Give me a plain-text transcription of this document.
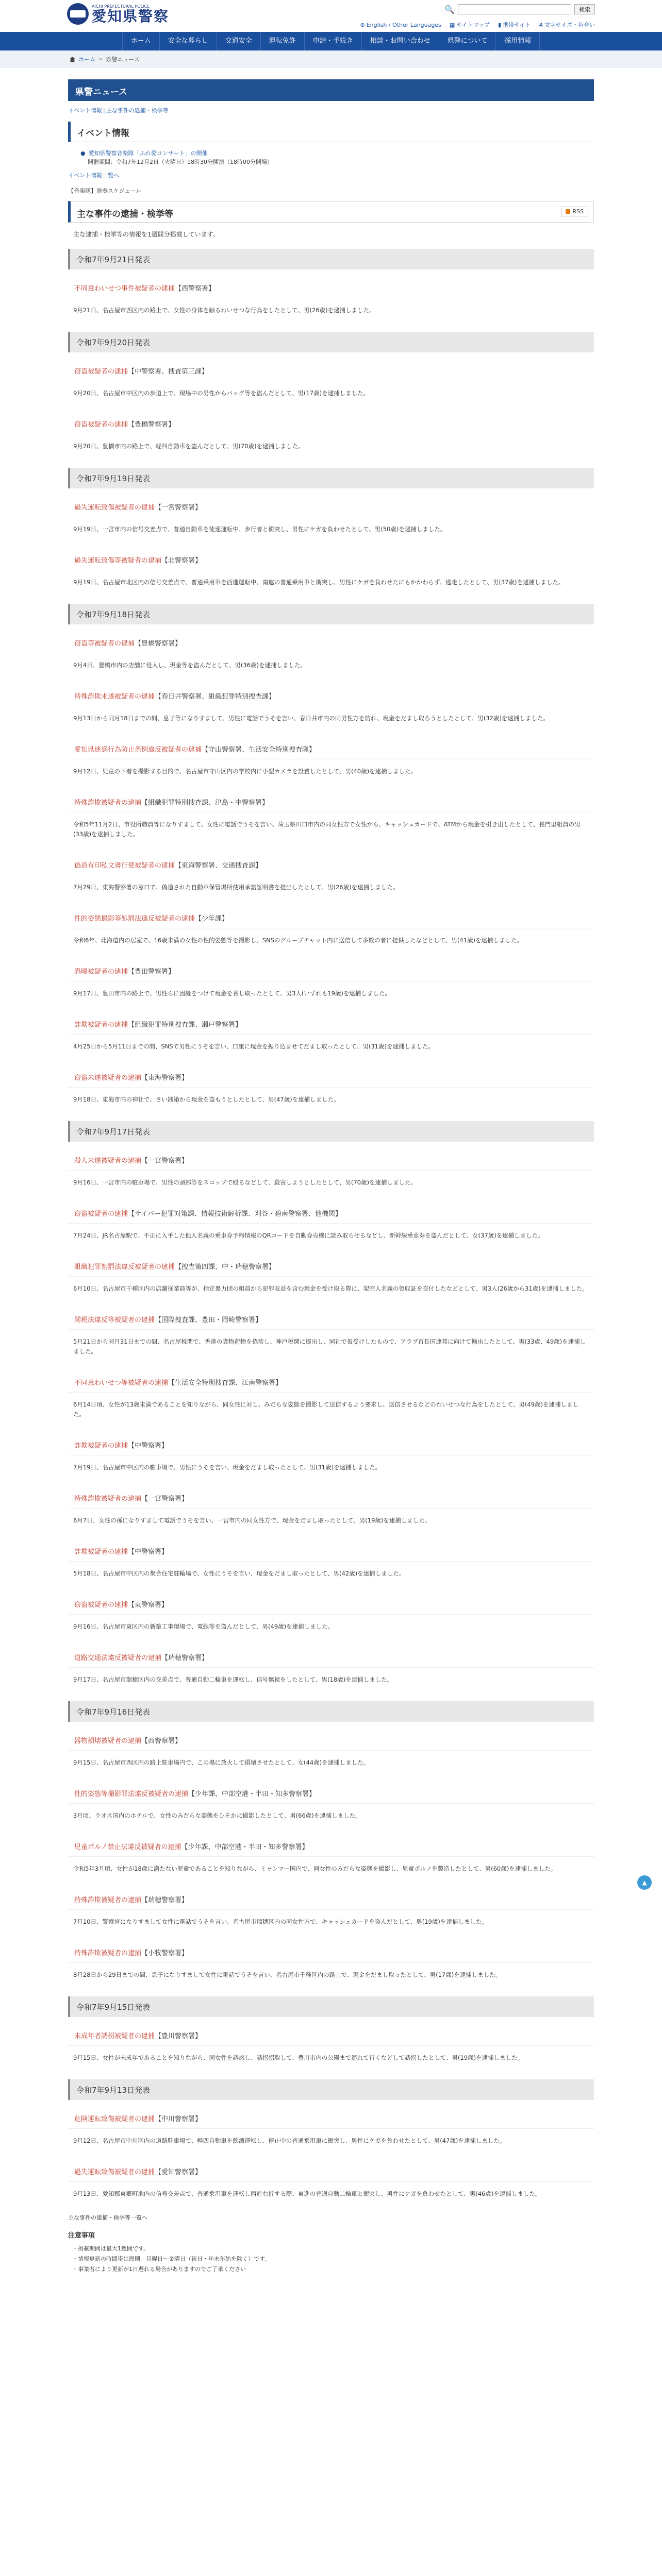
AICHI PREFECTURAL POLICE
愛知県警察	🔍	検索
⊕ English / Other Languages ▦ サイトマップ ▮ 携帯サイト A 文字サイズ・色合い
ホーム	安全な暮らし	交通安全	運転免許	申請・手続き	相談・お問い合わせ	県警について	採用情報
ホーム > 県警ニュース
県警ニュース
イベント情報 | 主な事件の逮捕・検挙等
イベント情報
● 愛知県警察音楽隊「ふれ愛コンサート」の開催
開催期間：令和7年12月2日（火曜日）18時30分開演（18時00分開場）
イベント情報一覧へ
【音楽隊】演奏スケジュール
主な事件の逮捕・検挙等	RSS

主な逮捕・検挙等の情報を1週間分掲載しています。

令和7年9月21日発表
不同意わいせつ事件被疑者の逮捕【西警察署】
9月21日、名古屋市西区内の路上で、女性の身体を触るわいせつな行為をしたとして、男(26歳)を逮捕しました。
令和7年9月20日発表
窃盗被疑者の逮捕【中警察署、捜査第三課】
9月20日、名古屋市中区内の歩道上で、現場中の男性からバッグ等を盗んだとして、男(17歳)を逮捕しました。
窃盗被疑者の逮捕【豊橋警察署】
9月20日、豊橋市内の路上で、軽四自動車を盗んだとして、男(70歳)を逮捕しました。
令和7年9月19日発表
過失運転致傷被疑者の逮捕【一宮警察署】
9月19日、一宮市内の信号交差点で、普通自動車を徒速運転中、歩行者と衝突し、男性にケガを負わせたとして、男(50歳)を逮捕しました。
過失運転致傷等被疑者の逮捕【北警察署】
9月19日、名古屋市北区内の信号交差点で、普通乗用車を西進運転中、南進の普通乗用車と衝突し、男性にケガを負わせたにもかかわらず、逃走したとして、男(37歳)を逮捕しました。
令和7年9月18日発表
窃盗等被疑者の逮捕【豊橋警察署】
9月4日、豊橋市内の店舗に侵入し、現金等を盗んだとして、男(36歳)を逮捕しました。
特殊詐欺未遂被疑者の逮捕【春日井警察署、組織犯罪特別捜査課】
9月13日から同月18日までの間、息子等になりすまして、男性に電話でうそを言い、春日井市内の同男性方を訪れ、現金をだまし取ろうとしたとして、男(32歳)を逮捕しました。
愛知県迷惑行為防止条例違反被疑者の逮捕【守山警察署、生活安全特別捜査隊】
9月12日、児童の下着を撮影する目的で、名古屋市守山区内の学校内に小型カメラを設置したとして、男(40歳)を逮捕しました。
特殊詐欺被疑者の逮捕【組織犯罪特別捜査課、津島・中警察署】
令和5年11月2日、市役所職員等になりすまして、女性に電話でうそを言い、埼玉県川口市内の同女性方で女性から、キャッシュカードで、ATMから現金を引き出したとして、長門里組員の男(33歳)を逮捕しました。
偽造有印私文書行使被疑者の逮捕【東海警察署、交通捜査課】
7月29日、東海警察署の窓口で、偽造された自動車保管場所使用承諾証明書を提出したとして、男(26歳)を逮捕しました。
性的姿態撮影等処罰法違反被疑者の逮捕【少年課】
令和6年、北海道内の居室で、16歳未満の女性の性的姿態等を撮影し、SNSのグループチャット内に送信して多数の者に提供したなどとして、男(41歳)を逮捕しました。
恐喝被疑者の逮捕【豊田警察署】
9月17日、豊田市内の路上で、男性らに因縁をつけて現金を脅し取ったとして、男3人(いずれも19歳)を逮捕しました。
詐欺被疑者の逮捕【組織犯罪特別捜査課、瀬戸警察署】
4月25日から5月11日までの間、SNSで男性にうそを言い、口座に現金を振り込ませてだまし取ったとして、男(31歳)を逮捕しました。
窃盗未遂被疑者の逮捕【東海警察署】
9月18日、東海市内の神社で、さい銭箱から現金を盗もうとしたとして、男(47歳)を逮捕しました。
令和7年9月17日発表
殺人未遂被疑者の逮捕【一宮警察署】
9月16日、一宮市内の駐車場で、男性の頭部等をスコップで殴るなどして、殺害しようとしたとして、男(70歳)を逮捕しました。
窃盗被疑者の逮捕【サイバー犯罪対策課、情報技術解析課、刈谷・碧南警察署、他機関】
7月24日、JR名古屋駅で、不正に入手した他人名義の乗車券予約情報のQRコードを自動券売機に読み取らせるなどし、新幹線乗車券を盗んだとして、女(37歳)を逮捕しました。
組織犯罪処罰法違反被疑者の逮捕【捜査第四課、中・瑞穂警察署】
6月10日、名古屋市千種区内の店舗従業員等が、指定暴力団の組員から犯罪収益を含む現金を受け取る際に、架空人名義の領収証を交付したなどとして、男3人(26歳から31歳)を逮捕しました。
関税法違反等被疑者の逮捕【国際捜査課、豊田・岡崎警察署】
5月21日から同月31日までの間、名古屋税関で、香港の貨物荷物を偽装し、神戸税関に提出し、同社で仮受けしたもので、アラブ首長国連邦に向けて輸出したとして、男(33歳、49歳)を逮捕しました。
不同意わいせつ等被疑者の逮捕【生活安全特別捜査課、江南警察署】
6月14日頃、女性が13歳未満であることを知りながら、同女性に対し、みだらな姿態を撮影して送信するよう要求し、送信させるなどのわいせつな行為をしたとして、男(49歳)を逮捕しました。
詐欺被疑者の逮捕【中警察署】
7月19日、名古屋市中区内の駐車場で、男性にうそを言い、現金をだまし取ったとして、男(31歳)を逮捕しました。
特殊詐欺被疑者の逮捕【一宮警察署】
6月7日、女性の孫になりすまして電話でうそを言い、一宮市内の同女性方で、現金をだまし取ったとして、男(19歳)を逮捕しました。
詐欺被疑者の逮捕【中警察署】
5月18日、名古屋市中区内の集合住宅駐輪場で、女性にうそを言い、現金をだまし取ったとして、男(42歳)を逮捕しました。
窃盗被疑者の逮捕【東警察署】
9月16日、名古屋市東区内の新築工事現場で、電線等を盗んだとして、男(49歳)を逮捕しました。
道路交通法違反被疑者の逮捕【瑞穂警察署】
9月17日、名古屋市瑞穂区内の交差点で、普通自動二輪車を運転し、信号無視をしたとして、男(18歳)を逮捕しました。
令和7年9月16日発表
器物損壊被疑者の逮捕【西警察署】
9月15日、名古屋市西区内の路上駐車場内で、この場に放火して損壊させたとして、女(44歳)を逮捕しました。
性的姿態等撮影罪法違反被疑者の逮捕【少年課、中部空港・半田・知多警察署】
3月頃、ラオス国内のホテルで、女性のみだらな姿態をひそかに撮影したとして、男(66歳)を逮捕しました。
児童ポルノ禁止法違反被疑者の逮捕【少年課、中部空港・半田・知多警察署】
令和5年3月頃、女性が18歳に満たない児童であることを知りながら、ミャンマー国内で、同女性のみだらな姿態を撮影し、児童ポルノを製造したとして、男(60歳)を逮捕しました。
特殊詐欺被疑者の逮捕【瑞穂警察署】
7月10日、警察官になりすまして女性に電話でうそを言い、名古屋市瑞穂区内の同女性方で、キャッシュカードを盗んだとして、男(19歳)を逮捕しました。
特殊詐欺被疑者の逮捕【小牧警察署】
8月28日から29日までの間、息子になりすまして女性に電話でうそを言い、名古屋市千種区内の路上で、現金をだまし取ったとして、男(17歳)を逮捕しました。
令和7年9月15日発表
未成年者誘拐被疑者の逮捕【豊川警察署】
9月15日、女性が未成年であることを知りながら、同女性を誘惑し、誘拐拐取して、豊川市内の公園まで連れて行くなどして誘拐したとして、男(19歳)を逮捕しました。
令和7年9月13日発表
危険運転致傷被疑者の逮捕【中川警察署】
9月12日、名古屋市中川区内の道路駐車場で、軽四自動車を飲酒運転し、停止中の普通乗用車に衝突し、男性にケガを負わせたとして、男(47歳)を逮捕しました。
過失運転致傷被疑者の逮捕【愛知警察署】
9月13日、愛知郡東郷町地内の信号交差点で、普通乗用車を運転し西進右折する際、東進の普通自動二輪車と衝突し、男性にケガを負わせたとして、男(46歳)を逮捕しました。
主な事件の逮捕・検挙等一覧へ
注意事項
・ 掲載期間は最大1週間です。
・ 情報更新の時間帯は原則　月曜日～金曜日（祝日・年末年始を除く）です。
・ 事業者により更新が1日遅れる場合がありますのでご了承ください
▲
